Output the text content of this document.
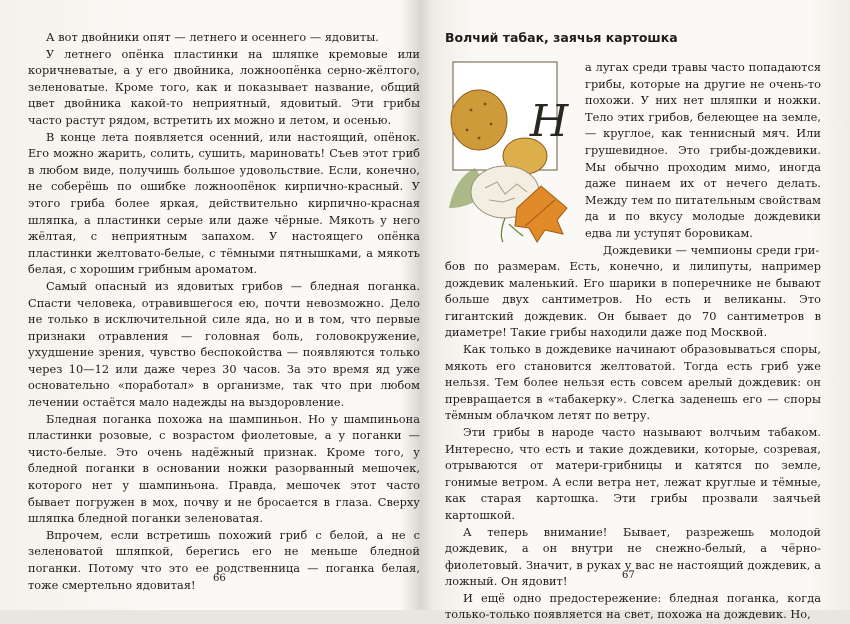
А вот двойники опят — летнего и осеннего — ядовиты.

У летнего опёнка пластинки на шляпке кремовые или коричневатые, а у его двойника, ложноопёнка серно-жёлтого, зеленоватые. Кроме того, как и показывает название, общий цвет двойника какой-то неприятный, ядовитый. Эти грибы часто растут рядом, встретить их можно и летом, и осенью.

В конце лета появляется осенний, или настоящий, опёнок. Его можно жарить, солить, сушить, мариновать! Съев этот гриб в любом виде, получишь большое удовольствие. Если, конечно, не соберёшь по ошибке ложноопёнок кирпично-красный. У этого гриба более яркая, действительно кирпично-красная шляпка, а пластинки серые или даже чёрные. Мякоть у него жёлтая, с неприятным запахом. У настоящего опёнка пластинки желтовато-белые, с тёмными пятнышками, а мякоть белая, с хорошим грибным ароматом.

Самый опасный из ядовитых грибов — бледная поганка. Спасти человека, отравившегося ею, почти невозможно. Дело не только в исключительной силе яда, но и в том, что первые признаки отравления — головная боль, головокружение, ухудшение зрения, чувство беспокойства — появляются только через 10—12 или даже через 30 часов. За это время яд уже основательно «поработал» в организме, так что при любом лечении остаётся мало надежды на выздоровление.

Бледная поганка похожа на шампиньон. Но у шампиньона пластинки розовые, с возрастом фиолетовые, а у поганки — чисто-белые. Это очень надёжный признак. Кроме того, у бледной поганки в основании ножки разорванный мешочек, которого нет у шампиньона. Правда, мешочек этот часто бывает погружен в мох, почву и не бросается в глаза. Сверху шляпка бледной поганки зеленоватая.

Впрочем, если встретишь похожий гриб с белой, а не с зеленоватой шляпкой, берегись его не меньше бледной поганки. Потому что это ее родственница — поганка белая, тоже смертельно ядовитая!

66
Волчий табак, заячья картошка
Н

а лугах среди травы часто попадаются грибы, которые на другие не очень-то похожи. У них нет шляпки и ножки. Тело этих грибов, белеющее на земле,— круглое, как теннисный мяч. Или грушевидное. Это грибы-дождевики. Мы обычно проходим мимо, иногда даже пинаем их от нечего делать. Между тем по питательным свойствам да и по вкусу молодые дождевики едва ли уступят боровикам.

Дождевики — чемпионы среди гри-

бов по размерам. Есть, конечно, и лилипуты, например дождевик маленький. Его шарики в поперечнике не бывают больше двух сантиметров. Но есть и великаны. Это гигантский дождевик. Он бывает до 70 сантиметров в диаметре! Такие грибы находили даже под Москвой.

Как только в дождевике начинают образовываться споры, мякоть его становится желтоватой. Тогда есть гриб уже нельзя. Тем более нельзя есть совсем арелый дождевик: он превращается в «табакерку». Слегка заденешь его — споры тёмным облачком летят по ветру.

Эти грибы в народе часто называют волчьим табаком. Интересно, что есть и такие дождевики, которые, созревая, отрываются от матери-грибницы и катятся по земле, гонимые ветром. А если ветра нет, лежат круглые и тёмные, как старая картошка. Эти грибы прозвали заячьей картошкой.

А теперь внимание! Бывает, разрежешь молодой дождевик, а он внутри не снежно-белый, а чёрно-фиолетовый. Значит, в руках у вас не настоящий дождевик, а ложный. Он ядовит!

И ещё одно предостережение: бледная поганка, когда только-только появляется на свет, похожа на дождевик. Но,

67
